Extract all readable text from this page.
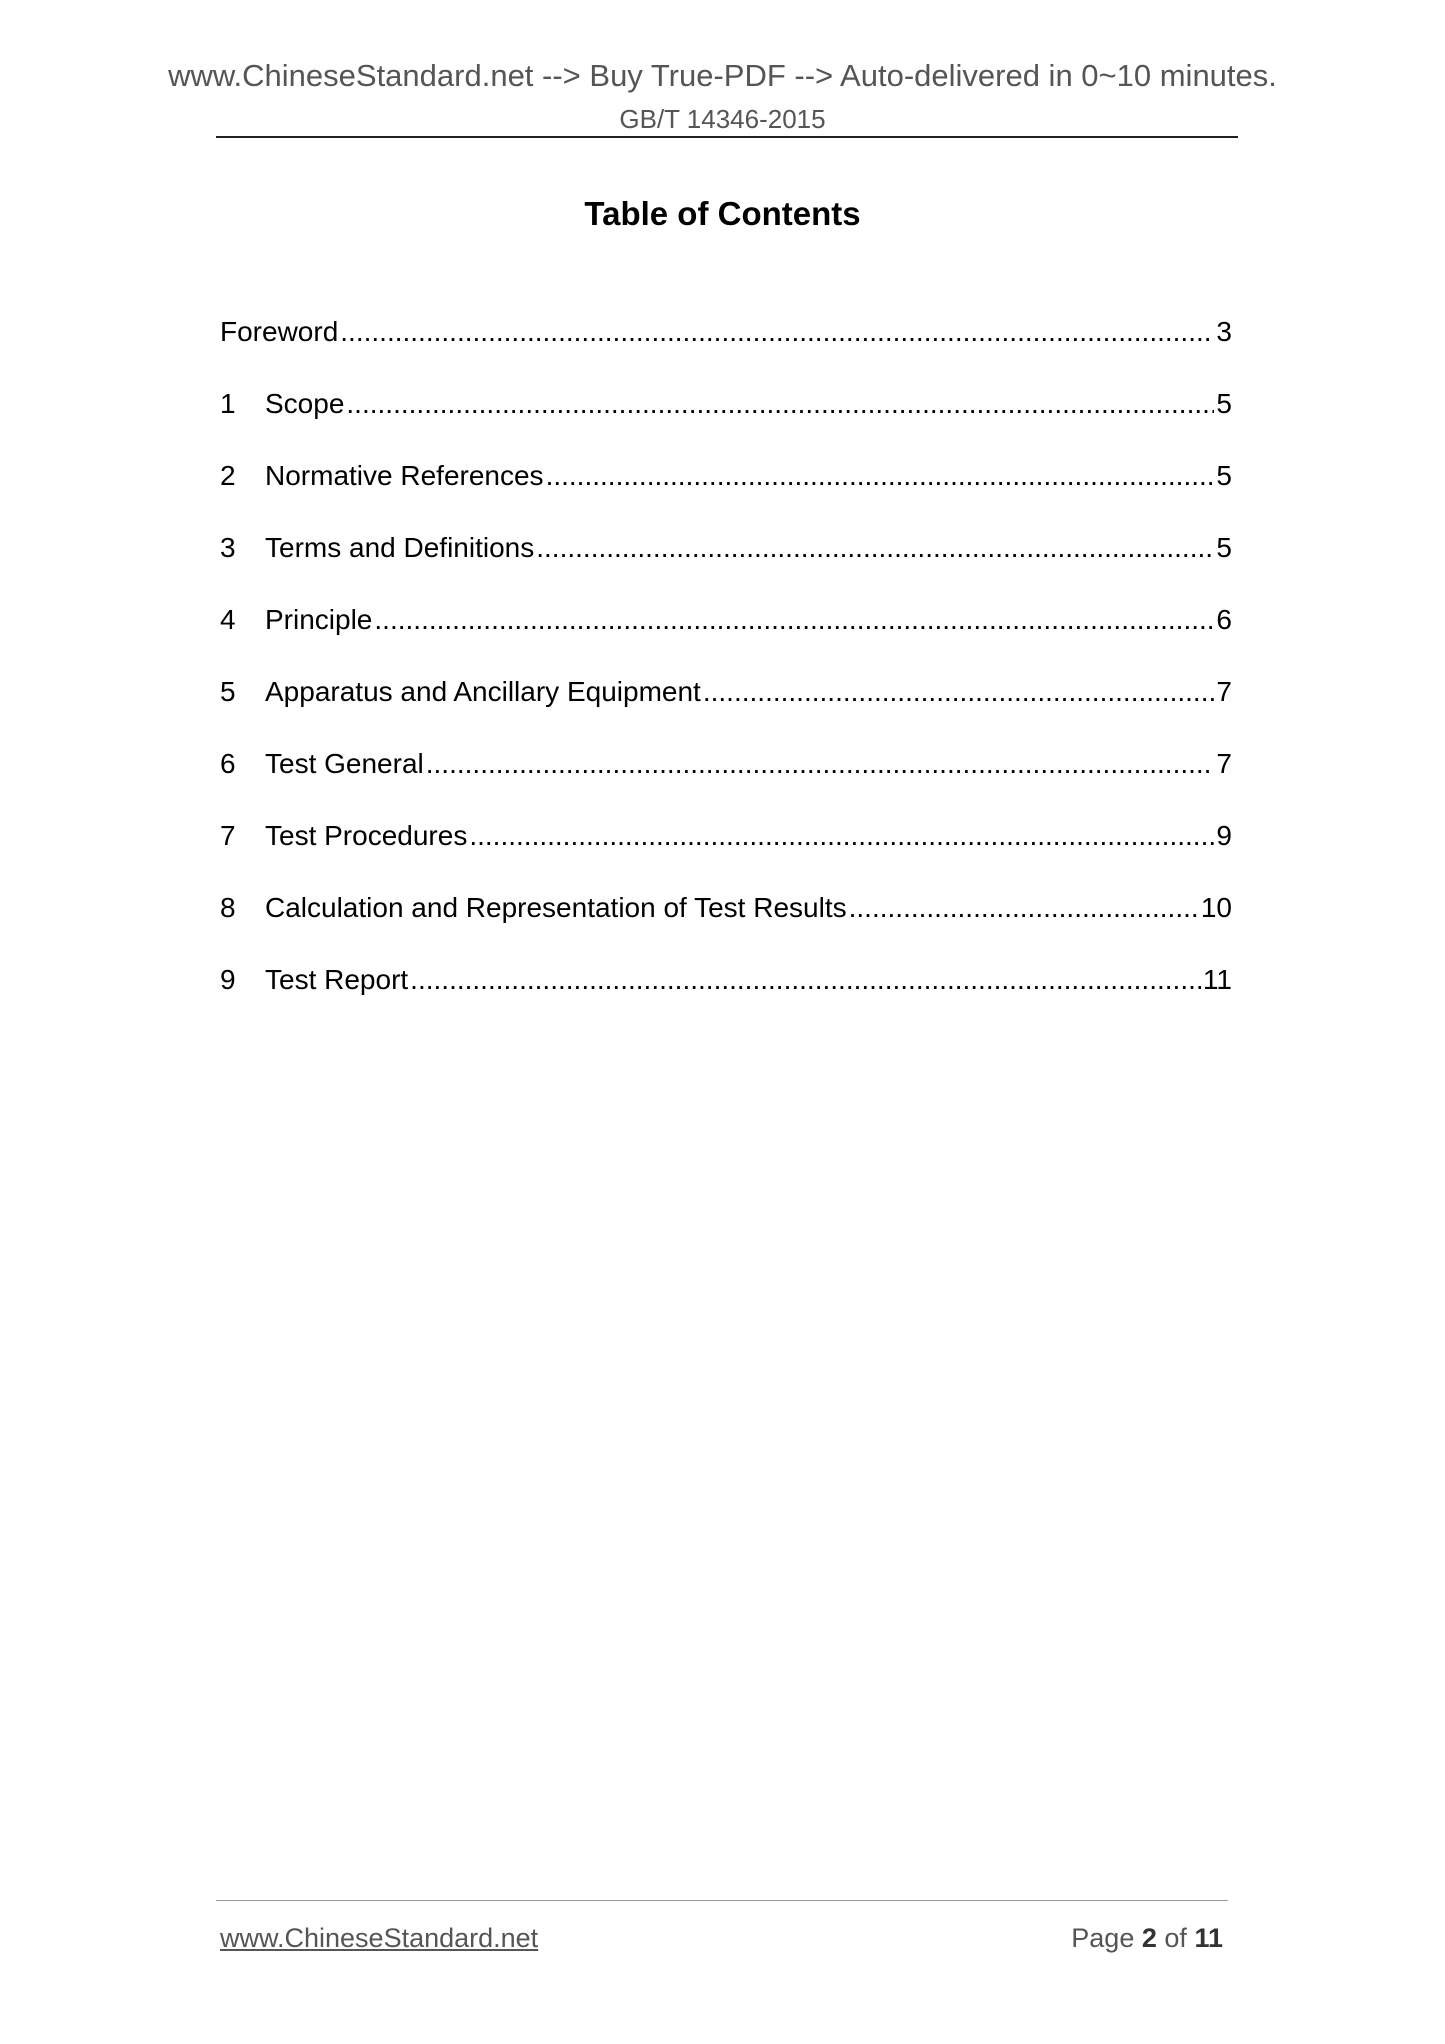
www.ChineseStandard.net --> Buy True-PDF --> Auto-delivered in 0~10 minutes.
GB/T 14346-2015
Table of Contents
Foreword .....	3
1	Scope .....	5
2	Normative References .....	5
3	Terms and Definitions .....	5
4	Principle .....	6
5	Apparatus and Ancillary Equipment .....	7
6	Test General .....	7
7	Test Procedures .....	9
8	Calculation and Representation of Test Results .....	10
9	Test Report .....	11
www.ChineseStandard.net	Page 2 of 11
